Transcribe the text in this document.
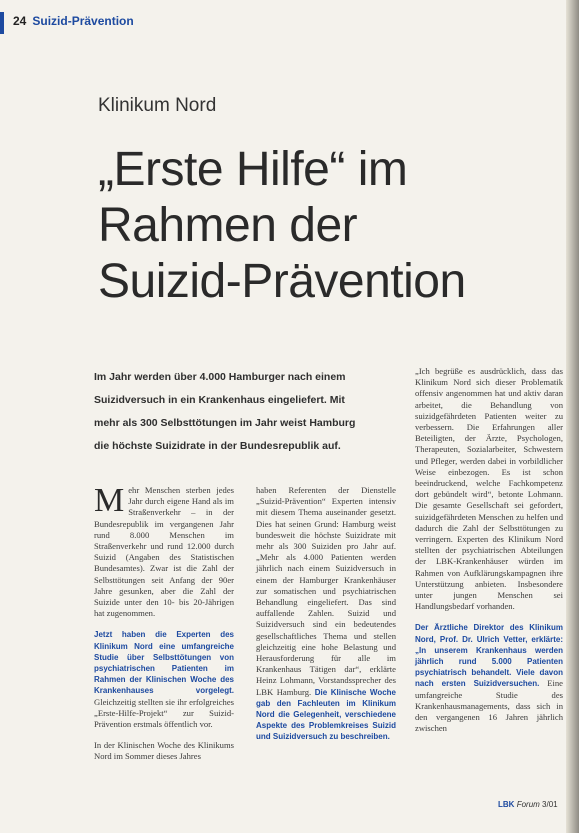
24 Suizid-Prävention
Klinikum Nord
„Erste Hilfe“ im
Rahmen der
Suizid-Prävention
Im Jahr werden über 4.000 Hamburger nach einem
Suizidversuch in ein Krankenhaus eingeliefert. Mit
mehr als 300 Selbsttötungen im Jahr weist Hamburg
die höchste Suizidrate in der Bundesrepublik auf.

Mehr Menschen sterben jedes Jahr durch eigene Hand als im Straßenverkehr – in der Bundesrepublik im vergangenen Jahr rund 8.000 Menschen im Straßenverkehr und rund 12.000 durch Suizid (Angaben des Statistischen Bundesamtes). Zwar ist die Zahl der Selbsttötungen seit Anfang der 90er Jahre gesunken, aber die Zahl der Suizide unter den 10- bis 20-Jährigen hat zugenommen.

Jetzt haben die Experten des Klinikum Nord eine umfangreiche Studie über Selbsttötungen von psychiatrischen Patienten im Rahmen der Klinischen Woche des Krankenhauses vorgelegt. Gleichzeitig stellten sie ihr erfolgreiches „Erste-Hilfe-Projekt“ zur Suizid-Prävention erstmals öffentlich vor.

In der Klinischen Woche des Klinikums Nord im Sommer dieses Jahres

haben Referenten der Dienstelle „Suizid-Prävention“ Experten intensiv mit diesem Thema auseinander gesetzt. Dies hat seinen Grund: Hamburg weist bundesweit die höchste Suizidrate mit mehr als 300 Suiziden pro Jahr auf. „Mehr als 4.000 Patienten werden jährlich nach einem Suizidversuch in einem der Hamburger Krankenhäuser zur somatischen und psychiatrischen Behandlung eingeliefert. Das sind auffallende Zahlen. Suizid und Suizidversuch sind ein bedeutendes gesellschaftliches Thema und stellen gleichzeitig eine hohe Belastung und Herausforderung für alle im Krankenhaus Tätigen dar“, erklärte Heinz Lohmann, Vorstandssprecher des LBK Hamburg. Die Klinische Woche gab den Fachleuten im Klinikum Nord die Gelegenheit, verschiedene Aspekte des Problemkreises Suizid und Suizidversuch zu beschreiben.

„Ich begrüße es ausdrücklich, dass das Klinikum Nord sich dieser Problematik offensiv angenommen hat und aktiv daran arbeitet, die Behandlung von suizidgefährdeten Patienten weiter zu verbessern. Die Erfahrungen aller Beteiligten, der Ärzte, Psychologen, Therapeuten, Sozialarbeiter, Schwestern und Pfleger, werden dabei in vorbildlicher Weise einbezogen. Es ist schon beeindruckend, welche Fachkompetenz dort gebündelt wird“, betonte Lohmann. Die gesamte Gesellschaft sei gefordert, suizidgefährdeten Menschen zu helfen und dadurch die Zahl der Selbsttötungen zu verringern. Experten des Klinikum Nord stellten der psychiatrischen Abteilungen der LBK-Krankenhäuser würden im Rahmen von Aufklärungskampagnen ihre Unterstützung anbieten. Insbesondere unter jungen Menschen sei Handlungsbedarf vorhanden.

Der Ärztliche Direktor des Klinikum Nord, Prof. Dr. Ulrich Vetter, erklärte: „In unserem Krankenhaus werden jährlich rund 5.000 Patienten psychiatrisch behandelt. Viele davon nach ersten Suizidversuchen. Eine umfangreiche Studie des Krankenhausmanagements, dass sich in den vergangenen 16 Jahren jährlich zwischen

LBK Forum 3/01
